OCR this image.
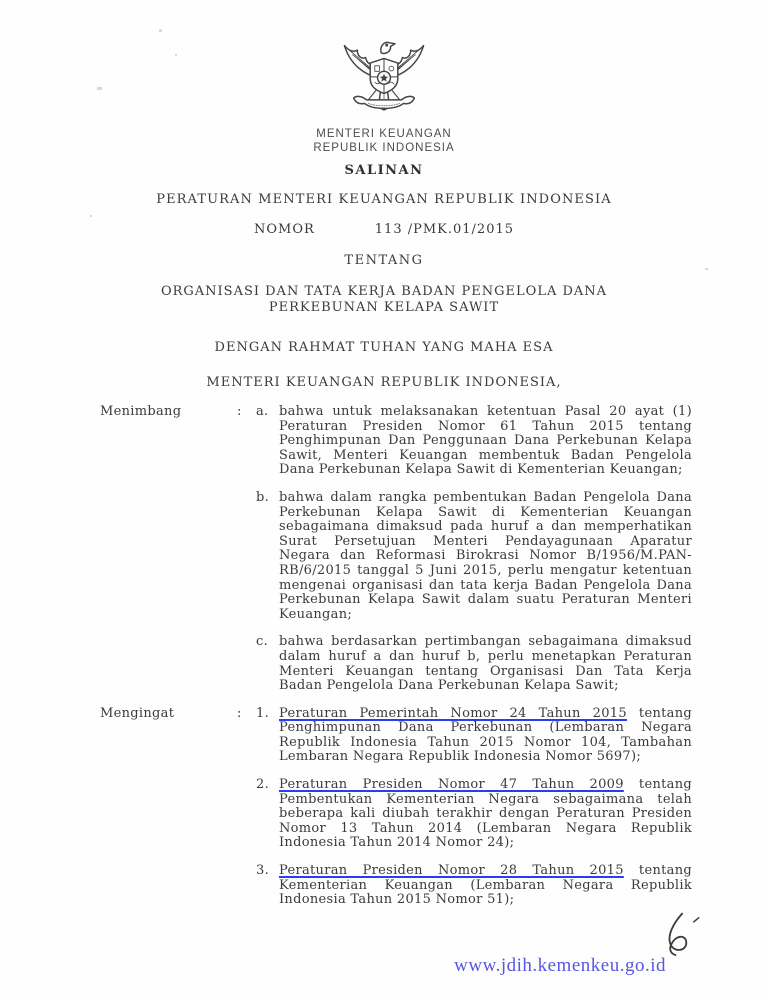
MENTERI KEUANGAN
REPUBLIK INDONESIA
SALINAN
PERATURAN MENTERI KEUANGAN REPUBLIK INDONESIA
NOMOR	113 /PMK.01/2015
TENTANG
ORGANISASI DAN TATA KERJA BADAN PENGELOLA DANA PERKEBUNAN KELAPA SAWIT
DENGAN RAHMAT TUHAN YANG MAHA ESA
MENTERI KEUANGAN REPUBLIK INDONESIA,
Menimbang	:	a. bahwa untuk melaksanakan ketentuan Pasal 20 ayat (1) Peraturan Presiden Nomor 61 Tahun 2015 tentang Penghimpunan Dan Penggunaan Dana Perkebunan Kelapa Sawit, Menteri Keuangan membentuk Badan Pengelola Dana Perkebunan Kelapa Sawit di Kementerian Keuangan;
b. bahwa dalam rangka pembentukan Badan Pengelola Dana Perkebunan Kelapa Sawit di Kementerian Keuangan sebagaimana dimaksud pada huruf a dan memperhatikan Surat Persetujuan Menteri Pendayagunaan Aparatur Negara dan Reformasi Birokrasi Nomor B/1956/M.PAN-RB/6/2015 tanggal 5 Juni 2015, perlu mengatur ketentuan mengenai organisasi dan tata kerja Badan Pengelola Dana Perkebunan Kelapa Sawit dalam suatu Peraturan Menteri Keuangan;
c. bahwa berdasarkan pertimbangan sebagaimana dimaksud dalam huruf a dan huruf b, perlu menetapkan Peraturan Menteri Keuangan tentang Organisasi Dan Tata Kerja Badan Pengelola Dana Perkebunan Kelapa Sawit;
Mengingat	:	1. Peraturan Pemerintah Nomor 24 Tahun 2015 tentang Penghimpunan Dana Perkebunan (Lembaran Negara Republik Indonesia Tahun 2015 Nomor 104, Tambahan Lembaran Negara Republik Indonesia Nomor 5697);
2. Peraturan Presiden Nomor 47 Tahun 2009 tentang Pembentukan Kementerian Negara sebagaimana telah beberapa kali diubah terakhir dengan Peraturan Presiden Nomor 13 Tahun 2014 (Lembaran Negara Republik Indonesia Tahun 2014 Nomor 24);
3. Peraturan Presiden Nomor 28 Tahun 2015 tentang Kementerian Keuangan (Lembaran Negara Republik Indonesia Tahun 2015 Nomor 51);
www.jdih.kemenkeu.go.id
